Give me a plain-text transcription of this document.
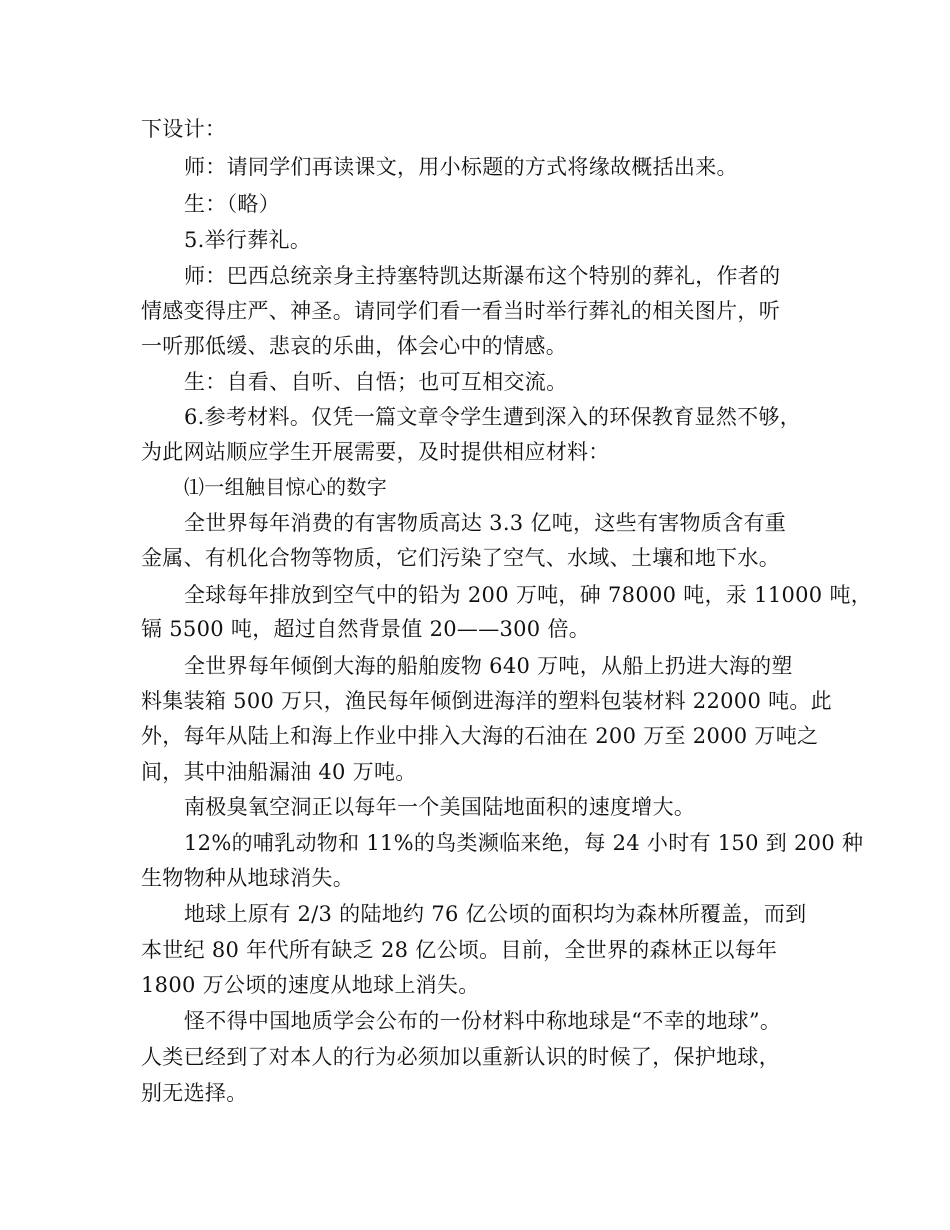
下设计：
师：请同学们再读课文，用小标题的方式将缘故概括出来。
生：（略）
5.举行葬礼。
师：巴西总统亲身主持塞特凯达斯瀑布这个特别的葬礼，作者的
情感变得庄严、神圣。请同学们看一看当时举行葬礼的相关图片，听
一听那低缓、悲哀的乐曲，体会心中的情感。
生：自看、自听、自悟；也可互相交流。
6.参考材料。仅凭一篇文章令学生遭到深入的环保教育显然不够，
为此网站顺应学生开展需要，及时提供相应材料：
⑴一组触目惊心的数字
全世界每年消费的有害物质高达 3.3 亿吨，这些有害物质含有重
金属、有机化合物等物质，它们污染了空气、水域、土壤和地下水。
全球每年排放到空气中的铅为 200 万吨，砷 78000 吨，汞 11000 吨，
镉 5500 吨，超过自然背景值 20——300 倍。
全世界每年倾倒大海的船舶废物 640 万吨，从船上扔进大海的塑
料集装箱 500 万只，渔民每年倾倒进海洋的塑料包装材料 22000 吨。此
外，每年从陆上和海上作业中排入大海的石油在 200 万至 2000 万吨之
间，其中油船漏油 40 万吨。
南极臭氧空洞正以每年一个美国陆地面积的速度增大。
12%的哺乳动物和 11%的鸟类濒临来绝，每 24 小时有 150 到 200 种
生物物种从地球消失。
地球上原有 2/3 的陆地约 76 亿公顷的面积均为森林所覆盖，而到
本世纪 80 年代所有缺乏 28 亿公顷。目前，全世界的森林正以每年
1800 万公顷的速度从地球上消失。
怪不得中国地质学会公布的一份材料中称地球是“不幸的地球”。
人类已经到了对本人的行为必须加以重新认识的时候了，保护地球，
别无选择。
